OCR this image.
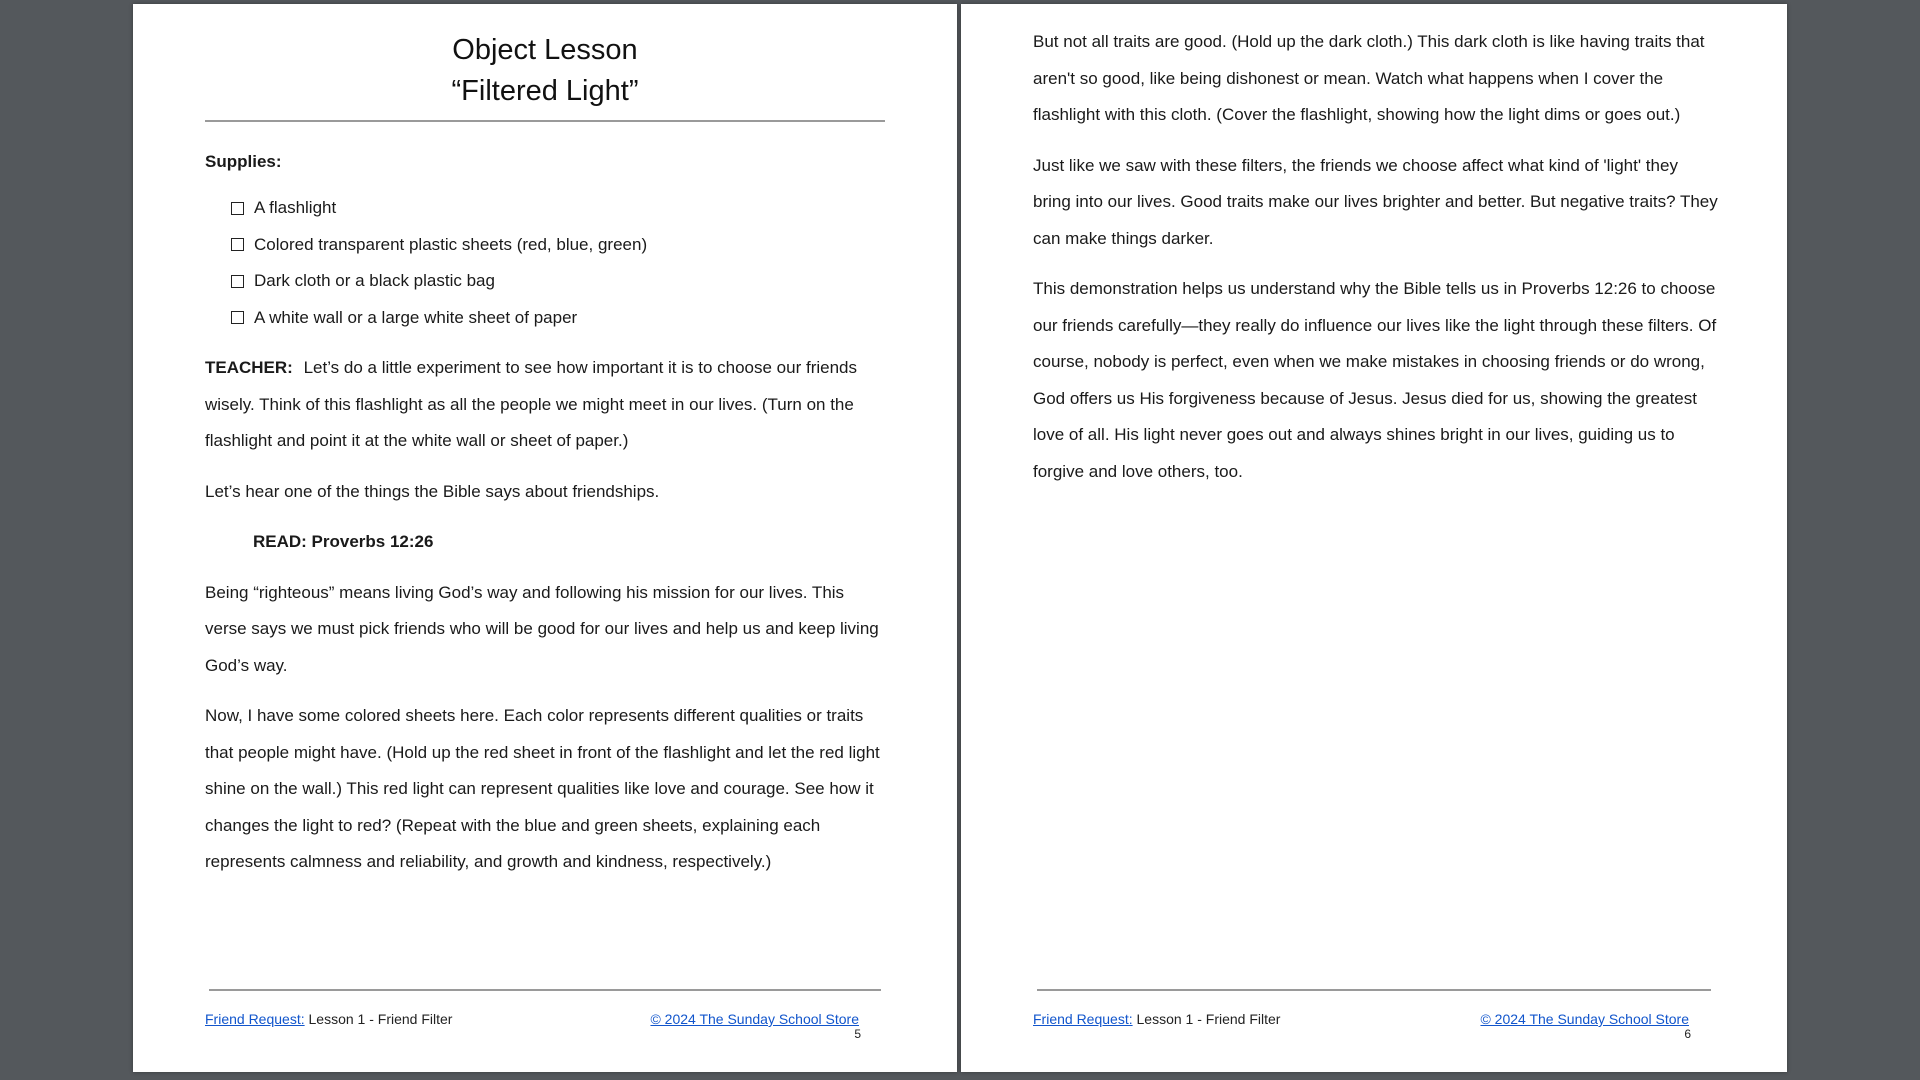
Object Lesson
“Filtered Light”
Supplies:
A flashlight
Colored transparent plastic sheets (red, blue, green)
Dark cloth or a black plastic bag
A white wall or a large white sheet of paper

TEACHER: Let’s do a little experiment to see how important it is to choose our friends wisely. Think of this flashlight as all the people we might meet in our lives. (Turn on the flashlight and point it at the white wall or sheet of paper.)

Let’s hear one of the things the Bible says about friendships.

READ: Proverbs 12:26

Being “righteous” means living God’s way and following his mission for our lives. This verse says we must pick friends who will be good for our lives and help us and keep living God’s way.

Now, I have some colored sheets here. Each color represents different qualities or traits that people might have. (Hold up the red sheet in front of the flashlight and let the red light shine on the wall.) This red light can represent qualities like love and courage. See how it changes the light to red? (Repeat with the blue and green sheets, explaining each represents calmness and reliability, and growth and kindness, respectively.)

Friend Request: Lesson 1 - Friend Filter	© 2024 The Sunday School Store
5

But not all traits are good. (Hold up the dark cloth.) This dark cloth is like having traits that aren't so good, like being dishonest or mean. Watch what happens when I cover the flashlight with this cloth. (Cover the flashlight, showing how the light dims or goes out.)

Just like we saw with these filters, the friends we choose affect what kind of 'light' they bring into our lives. Good traits make our lives brighter and better. But negative traits? They can make things darker.

This demonstration helps us understand why the Bible tells us in Proverbs 12:26 to choose our friends carefully—they really do influence our lives like the light through these filters. Of course, nobody is perfect, even when we make mistakes in choosing friends or do wrong, God offers us His forgiveness because of Jesus. Jesus died for us, showing the greatest love of all. His light never goes out and always shines bright in our lives, guiding us to forgive and love others, too.

Friend Request: Lesson 1 - Friend Filter	© 2024 The Sunday School Store
6
